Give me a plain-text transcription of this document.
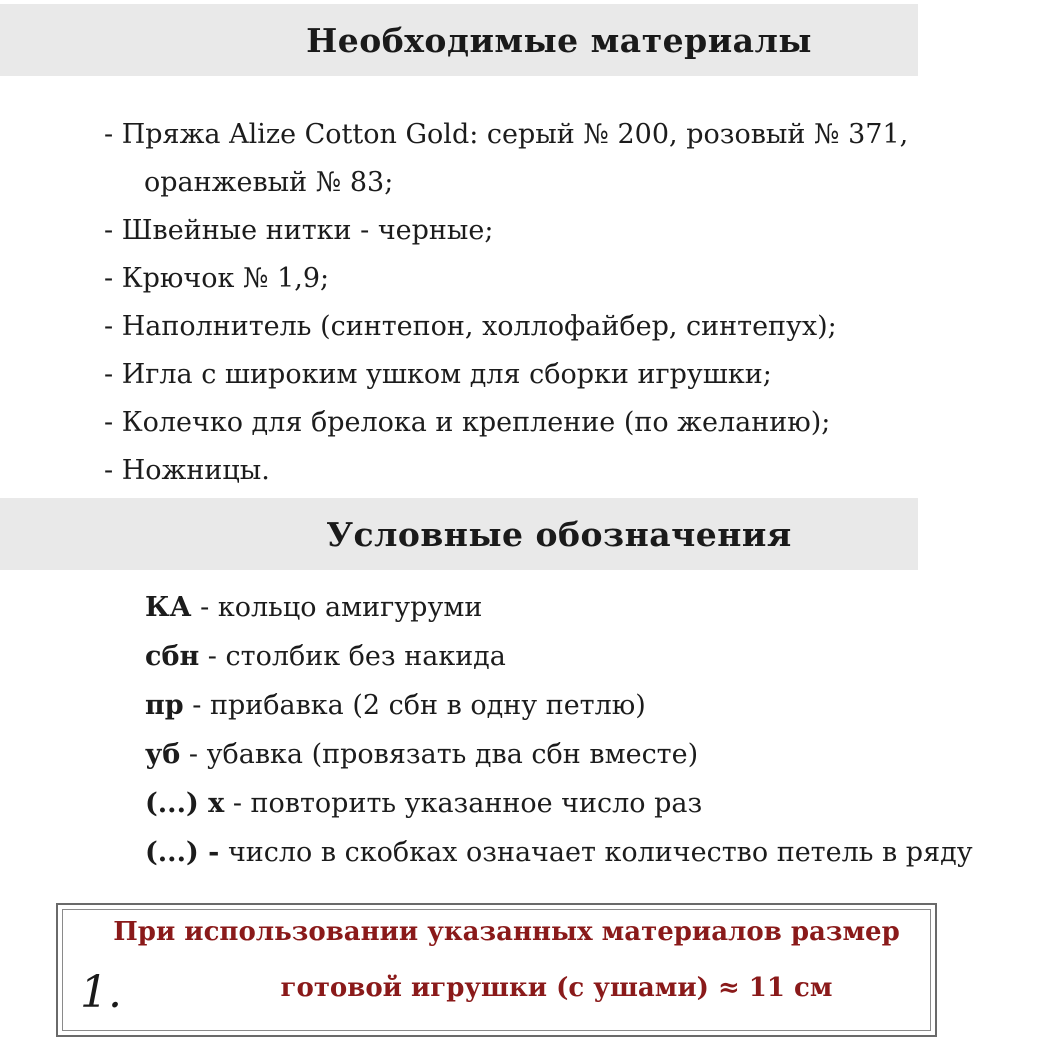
Необходимые материалы
- Пряжа Alize Cotton Gold: серый № 200, розовый № 371,
оранжевый № 83;
- Швейные нитки - черные;
- Крючок № 1,9;
- Наполнитель (синтепон, холлофайбер, синтепух);
- Игла с широким ушком для сборки игрушки;
- Колечко для брелока и крепление (по желанию);
- Ножницы.
Условные обозначения
КА - кольцо амигуруми
сбн - столбик без накида
пр - прибавка (2 сбн в одну петлю)
уб - убавка (провязать два сбн вместе)
(...) х - повторить указанное число раз
(...) - число в скобках означает количество петель в ряду
При использовании указанных материалов размер
готовой игрушки (с ушами) ≈ 11 см
1.
